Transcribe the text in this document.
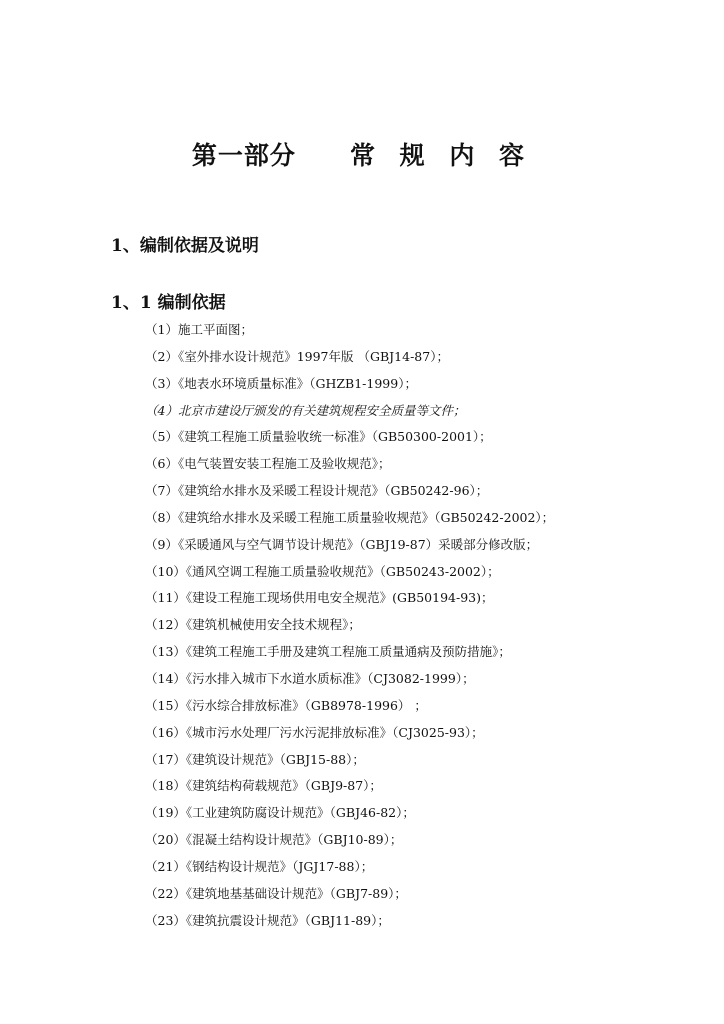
第一部分 常 规 内 容
1、编制依据及说明
1、1 编制依据
（1）施工平面图；
（2）《室外排水设计规范》1997年版 （GBJ14-87）；
（3）《地表水环境质量标准》（GHZB1-1999）；
（4）北京市建设厅颁发的有关建筑规程安全质量等文件；
（5）《建筑工程施工质量验收统一标准》（GB50300-2001）；
（6）《电气装置安装工程施工及验收规范》；
（7）《建筑给水排水及采暖工程设计规范》（GB50242-96）；
（8）《建筑给水排水及采暖工程施工质量验收规范》（GB50242-2002）；
（9）《采暖通风与空气调节设计规范》（GBJ19-87）采暖部分修改版；
（10）《通风空调工程施工质量验收规范》（GB50243-2002）；
（11）《建设工程施工现场供用电安全规范》(GB50194-93)；
（12）《建筑机械使用安全技术规程》；
（13）《建筑工程施工手册及建筑工程施工质量通病及预防措施》；
（14）《污水排入城市下水道水质标准》（CJ3082-1999）；
（15）《污水综合排放标准》（GB8978-1996） ；
（16）《城市污水处理厂污水污泥排放标准》（CJ3025-93）；
（17）《建筑设计规范》（GBJ15-88）；
（18）《建筑结构荷载规范》（GBJ9-87）；
（19）《工业建筑防腐设计规范》（GBJ46-82）；
（20）《混凝土结构设计规范》（GBJ10-89）；
（21）《钢结构设计规范》（JGJ17-88）；
（22）《建筑地基基础设计规范》（GBJ7-89）；
（23）《建筑抗震设计规范》（GBJ11-89）；
